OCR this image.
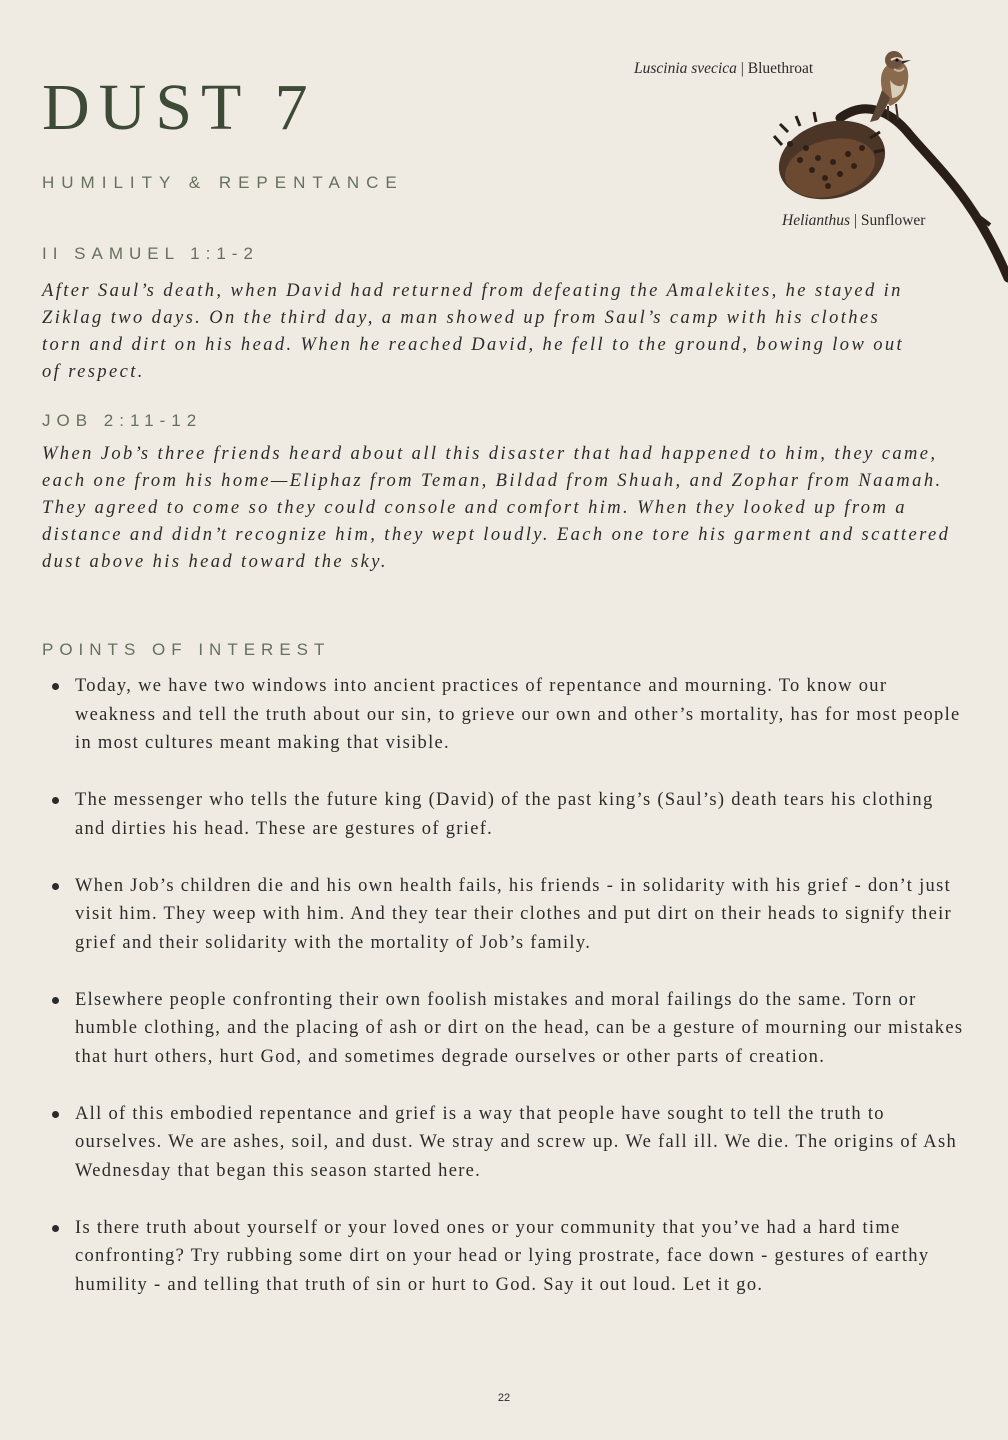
DUST 7
HUMILITY & REPENTANCE
Luscinia svecica | Bluethroat
Helianthus | Sunflower
II SAMUEL 1:1-2

After Saul’s death, when David had returned from defeating the Amalekites, he stayed in Ziklag two days. On the third day, a man showed up from Saul’s camp with his clothes torn and dirt on his head. When he reached David, he fell to the ground, bowing low out of respect.

JOB 2:11-12

When Job’s three friends heard about all this disaster that had happened to him, they came, each one from his home—Eliphaz from Teman, Bildad from Shuah, and Zophar from Naamah. They agreed to come so they could console and comfort him. When they looked up from a distance and didn’t recognize him, they wept loudly. Each one tore his garment and scattered dust above his head toward the sky.

POINTS OF INTEREST
Today, we have two windows into ancient practices of repentance and mourning. To know our weakness and tell the truth about our sin, to grieve our own and other’s mortality, has for most people in most cultures meant making that visible.
The messenger who tells the future king (David) of the past king’s (Saul’s) death tears his clothing and dirties his head. These are gestures of grief.
When Job’s children die and his own health fails, his friends - in solidarity with his grief - don’t just visit him. They weep with him. And they tear their clothes and put dirt on their heads to signify their grief and their solidarity with the mortality of Job’s family.
Elsewhere people confronting their own foolish mistakes and moral failings do the same. Torn or humble clothing, and the placing of ash or dirt on the head, can be a gesture of mourning our mistakes that hurt others, hurt God, and sometimes degrade ourselves or other parts of creation.
All of this embodied repentance and grief is a way that people have sought to tell the truth to ourselves. We are ashes, soil, and dust. We stray and screw up. We fall ill. We die. The origins of Ash Wednesday that began this season started here.
Is there truth about yourself or your loved ones or your community that you’ve had a hard time confronting? Try rubbing some dirt on your head or lying prostrate, face down - gestures of earthy humility - and telling that truth of sin or hurt to God. Say it out loud. Let it go.
22
